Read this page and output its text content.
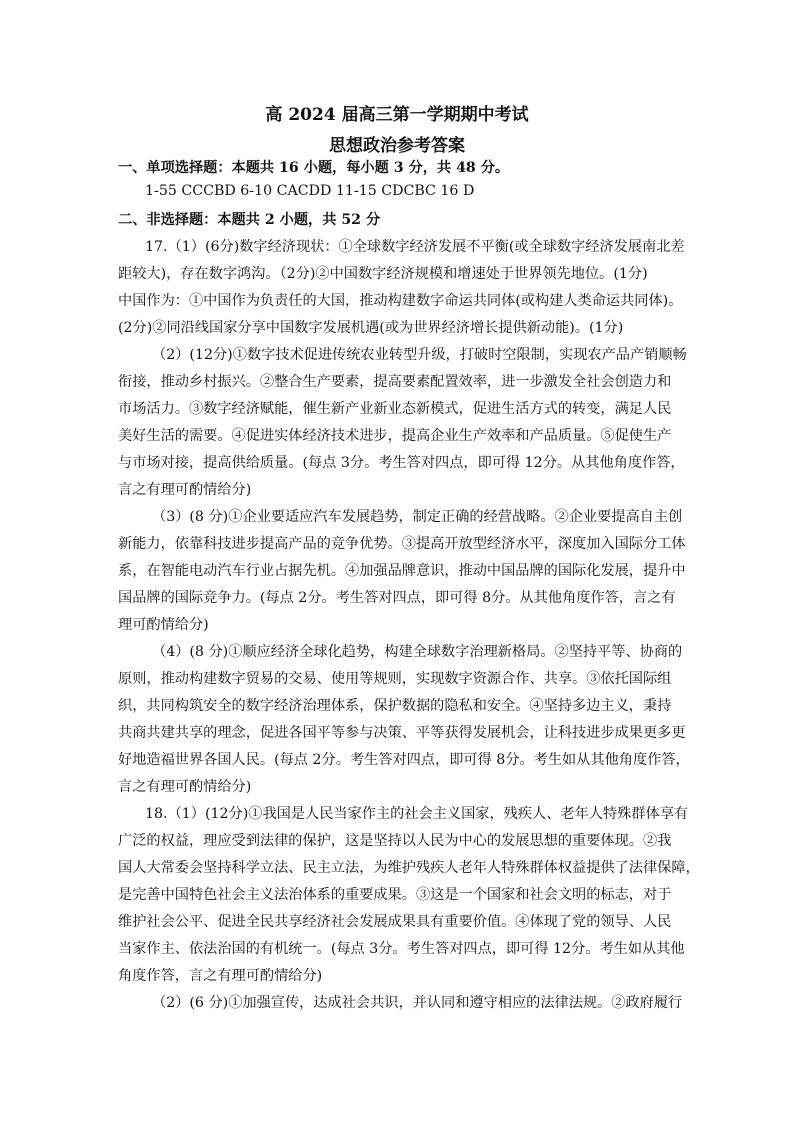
高 2024 届高三第一学期期中考试
思想政治参考答案
一、单项选择题：本题共 16 小题，每小题 3 分，共 48 分。
1-55 CCCBD 6-10 CACDD 11-15 CDCBC 16 D
二、非选择题：本题共 2 小题，共 52 分
17.（1）(6分)数字经济现状：①全球数字经济发展不平衡(或全球数字经济发展南北差
距较大)，存在数字鸿沟。（2分)②中国数字经济规模和增速处于世界领先地位。(1分)
中国作为：①中国作为负责任的大国，推动构建数字命运共同体(或构建人类命运共同体)。
(2分)②同沿线国家分享中国数字发展机遇(或为世界经济增长提供新动能)。(1分)
（2）(12分)①数字技术促进传统农业转型升级，打破时空限制，实现农产品产销顺畅
衔接，推动乡村振兴。②整合生产要素，提高要素配置效率，进一步激发全社会创造力和
市场活力。③数字经济赋能，催生新产业新业态新模式，促进生活方式的转变，满足人民
美好生活的需要。④促进实体经济技术进步，提高企业生产效率和产品质量。⑤促使生产
与市场对接，提高供给质量。(每点 3分。考生答对四点，即可得 12分。从其他角度作答，
言之有理可酌情给分)
（3）(8 分)①企业要适应汽车发展趋势，制定正确的经营战略。②企业要提高自主创
新能力，依靠科技进步提高产品的竞争优势。③提高开放型经济水平，深度加入国际分工体
系，在智能电动汽车行业占据先机。④加强品牌意识，推动中国品牌的国际化发展，提升中
国品牌的国际竞争力。(每点 2分。考生答对四点，即可得 8分。从其他角度作答，言之有
理可酌情给分)
（4）(8 分)①顺应经济全球化趋势，构建全球数字治理新格局。②坚持平等、协商的
原则，推动构建数字贸易的交易、使用等规则，实现数字资源合作、共享。③依托国际组
织，共同构筑安全的数字经济治理体系，保护数据的隐私和安全。④坚持多边主义，秉持
共商共建共享的理念，促进各国平等参与决策、平等获得发展机会，让科技进步成果更多更
好地造福世界各国人民。(每点 2分。考生答对四点，即可得 8分。考生如从其他角度作答，
言之有理可酌情给分)
18.（1）(12分)①我国是人民当家作主的社会主义国家，残疾人、老年人特殊群体享有
广泛的权益，理应受到法律的保护，这是坚持以人民为中心的发展思想的重要体现。②我
国人大常委会坚持科学立法、民主立法，为维护残疾人老年人特殊群体权益提供了法律保障，
是完善中国特色社会主义法治体系的重要成果。③这是一个国家和社会文明的标志，对于
维护社会公平、促进全民共享经济社会发展成果具有重要价值。④体现了党的领导、人民
当家作主、依法治国的有机统一。(每点 3分。考生答对四点，即可得 12分。考生如从其他
角度作答，言之有理可酌情给分)
（2）(6 分)①加强宣传，达成社会共识，并认同和遵守相应的法律法规。②政府履行
